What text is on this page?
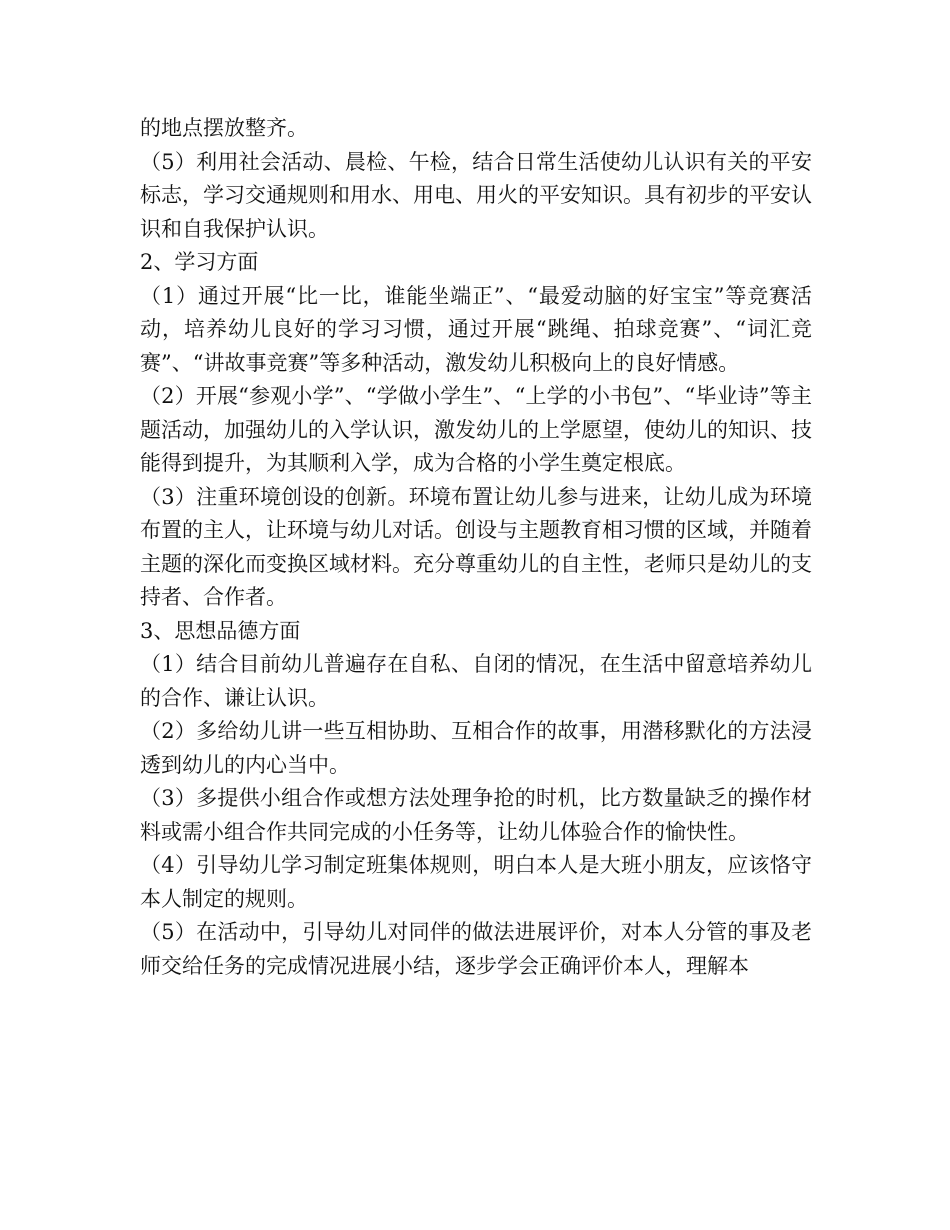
的地点摆放整齐。

（5）利用社会活动、晨检、午检，结合日常生活使幼儿认识有关的平安标志，学习交通规则和用水、用电、用火的平安知识。具有初步的平安认识和自我保护认识。

2、学习方面

（1）通过开展“比一比，谁能坐端正”、“最爱动脑的好宝宝”等竞赛活动，培养幼儿良好的学习习惯，通过开展“跳绳、拍球竞赛”、“词汇竞赛”、“讲故事竞赛”等多种活动，激发幼儿积极向上的良好情感。

（2）开展“参观小学”、“学做小学生”、“上学的小书包”、“毕业诗”等主题活动，加强幼儿的入学认识，激发幼儿的上学愿望，使幼儿的知识、技能得到提升，为其顺利入学，成为合格的小学生奠定根底。

（3）注重环境创设的创新。环境布置让幼儿参与进来，让幼儿成为环境布置的主人，让环境与幼儿对话。创设与主题教育相习惯的区域，并随着主题的深化而变换区域材料。充分尊重幼儿的自主性，老师只是幼儿的支持者、合作者。

3、思想品德方面

（1）结合目前幼儿普遍存在自私、自闭的情况，在生活中留意培养幼儿的合作、谦让认识。

（2）多给幼儿讲一些互相协助、互相合作的故事，用潜移默化的方法浸透到幼儿的内心当中。

（3）多提供小组合作或想方法处理争抢的时机，比方数量缺乏的操作材料或需小组合作共同完成的小任务等，让幼儿体验合作的愉快性。

（4）引导幼儿学习制定班集体规则，明白本人是大班小朋友，应该恪守本人制定的规则。

（5）在活动中，引导幼儿对同伴的做法进展评价，对本人分管的事及老师交给任务的完成情况进展小结，逐步学会正确评价本人，理解本
